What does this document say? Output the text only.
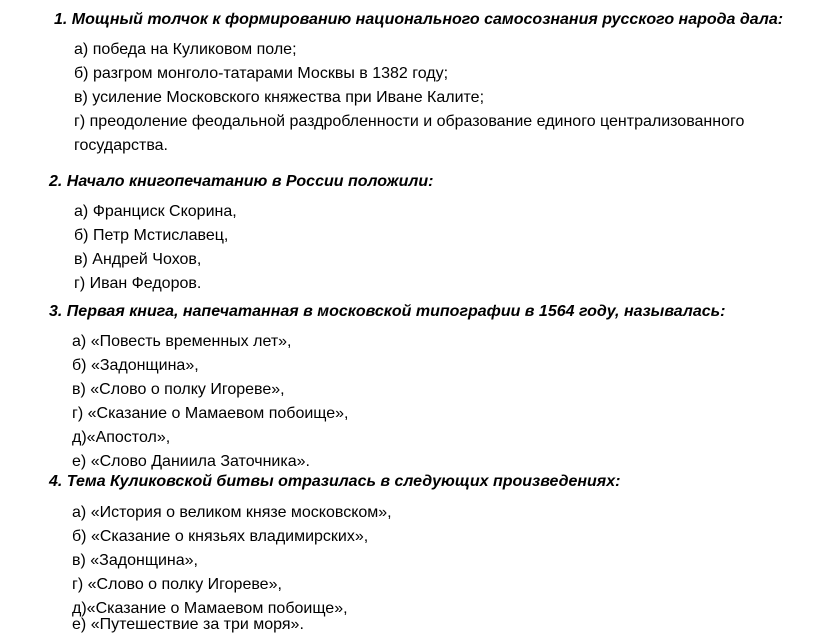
1. Мощный толчок к формированию национального самосознания русского народа дала:
а) победа на Куликовом поле;
б) разгром монголо-татарами Москвы в 1382 году;
в) усиление Московского княжества при Иване Калите;
г) преодоление феодальной раздробленности и образование единого централизованного
государства.
2. Начало книгопечатанию в России положили:
а) Франциск Скорина,
б) Петр Мстиславец,
в) Андрей Чохов,
г) Иван Федоров.
3. Первая книга, напечатанная в московской типографии в 1564 году, называлась:
а) «Повесть временных лет»,
б) «Задонщина»,
в) «Слово о полку Игореве»,
г) «Сказание о Мамаевом побоище»,
д)«Апостол»,
е) «Слово Даниила Заточника».
4. Тема Куликовской битвы отразилась в следующих произведениях:
а) «История о великом князе московском»,
б) «Сказание о князьях владимирских»,
в) «Задонщина»,
г) «Слово о полку Игореве»,
д)«Сказание о Мамаевом побоище»,
е) «Путешествие за три моря».
